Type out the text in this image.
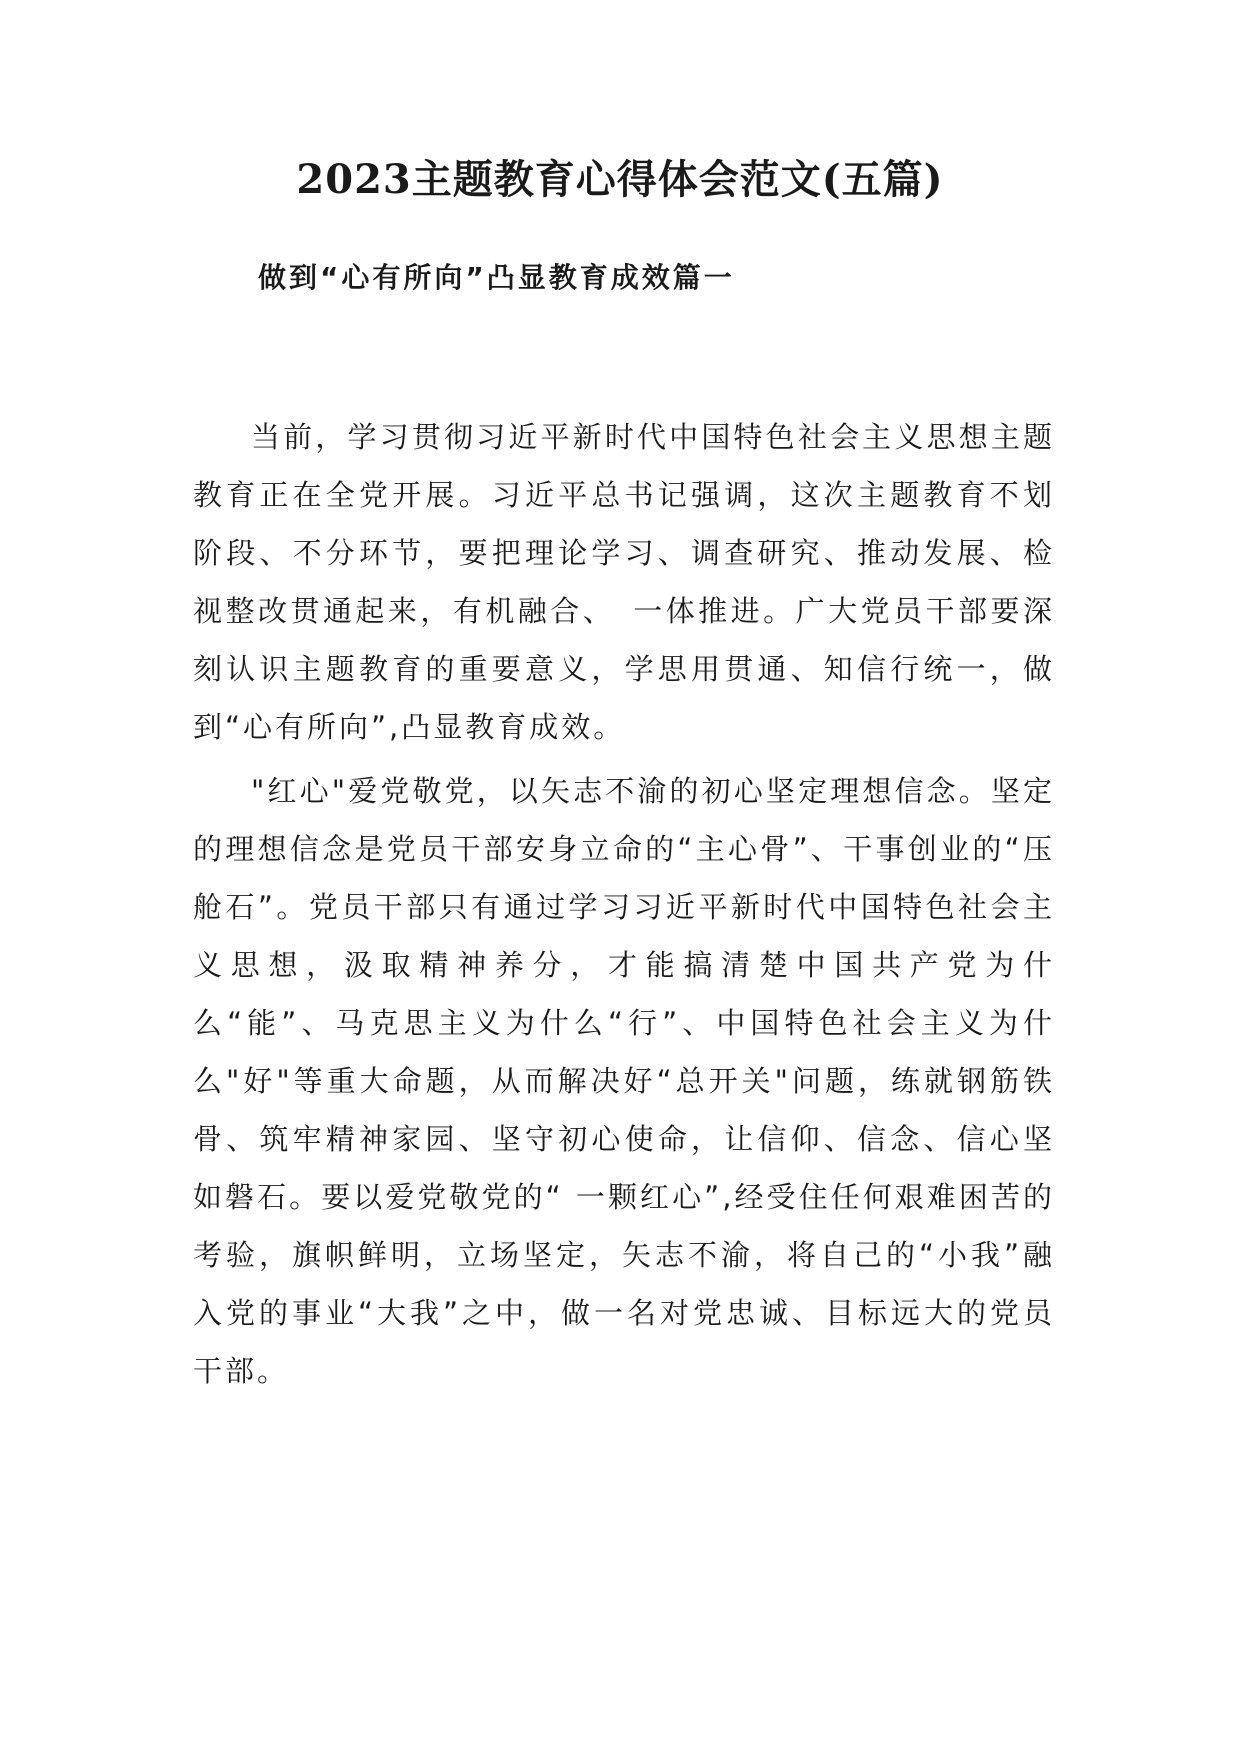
2023主题教育心得体会范文(五篇)
做到“心有所向”凸显教育成效篇一

当前，学习贯彻习近平新时代中国特色社会主义思想主题教育正在全党开展。习近平总书记强调，这次主题教育不划阶段、不分环节，要把理论学习、调查研究、推动发展、检视整改贯通起来，有机融合、　一体推进。广大党员干部要深刻认识主题教育的重要意义，学思用贯通、知信行统一，做到“心有所向”,凸显教育成效。

"红心"爱党敬党，以矢志不渝的初心坚定理想信念。坚定的理想信念是党员干部安身立命的“主心骨”、干事创业的“压舱石”。党员干部只有通过学习习近平新时代中国特色社会主义思想，汲取精神养分，才能搞清楚中国共产党为什么“能”、马克思主义为什么“行”、中国特色社会主义为什么"好"等重大命题，从而解决好“总开关"问题，练就钢筋铁骨、筑牢精神家园、坚守初心使命，让信仰、信念、信心坚如磐石。要以爱党敬党的“ 一颗红心”,经受住任何艰难困苦的考验，旗帜鲜明，立场坚定，矢志不渝，将自己的“小我”融入党的事业“大我”之中，做一名对党忠诚、目标远大的党员干部。
